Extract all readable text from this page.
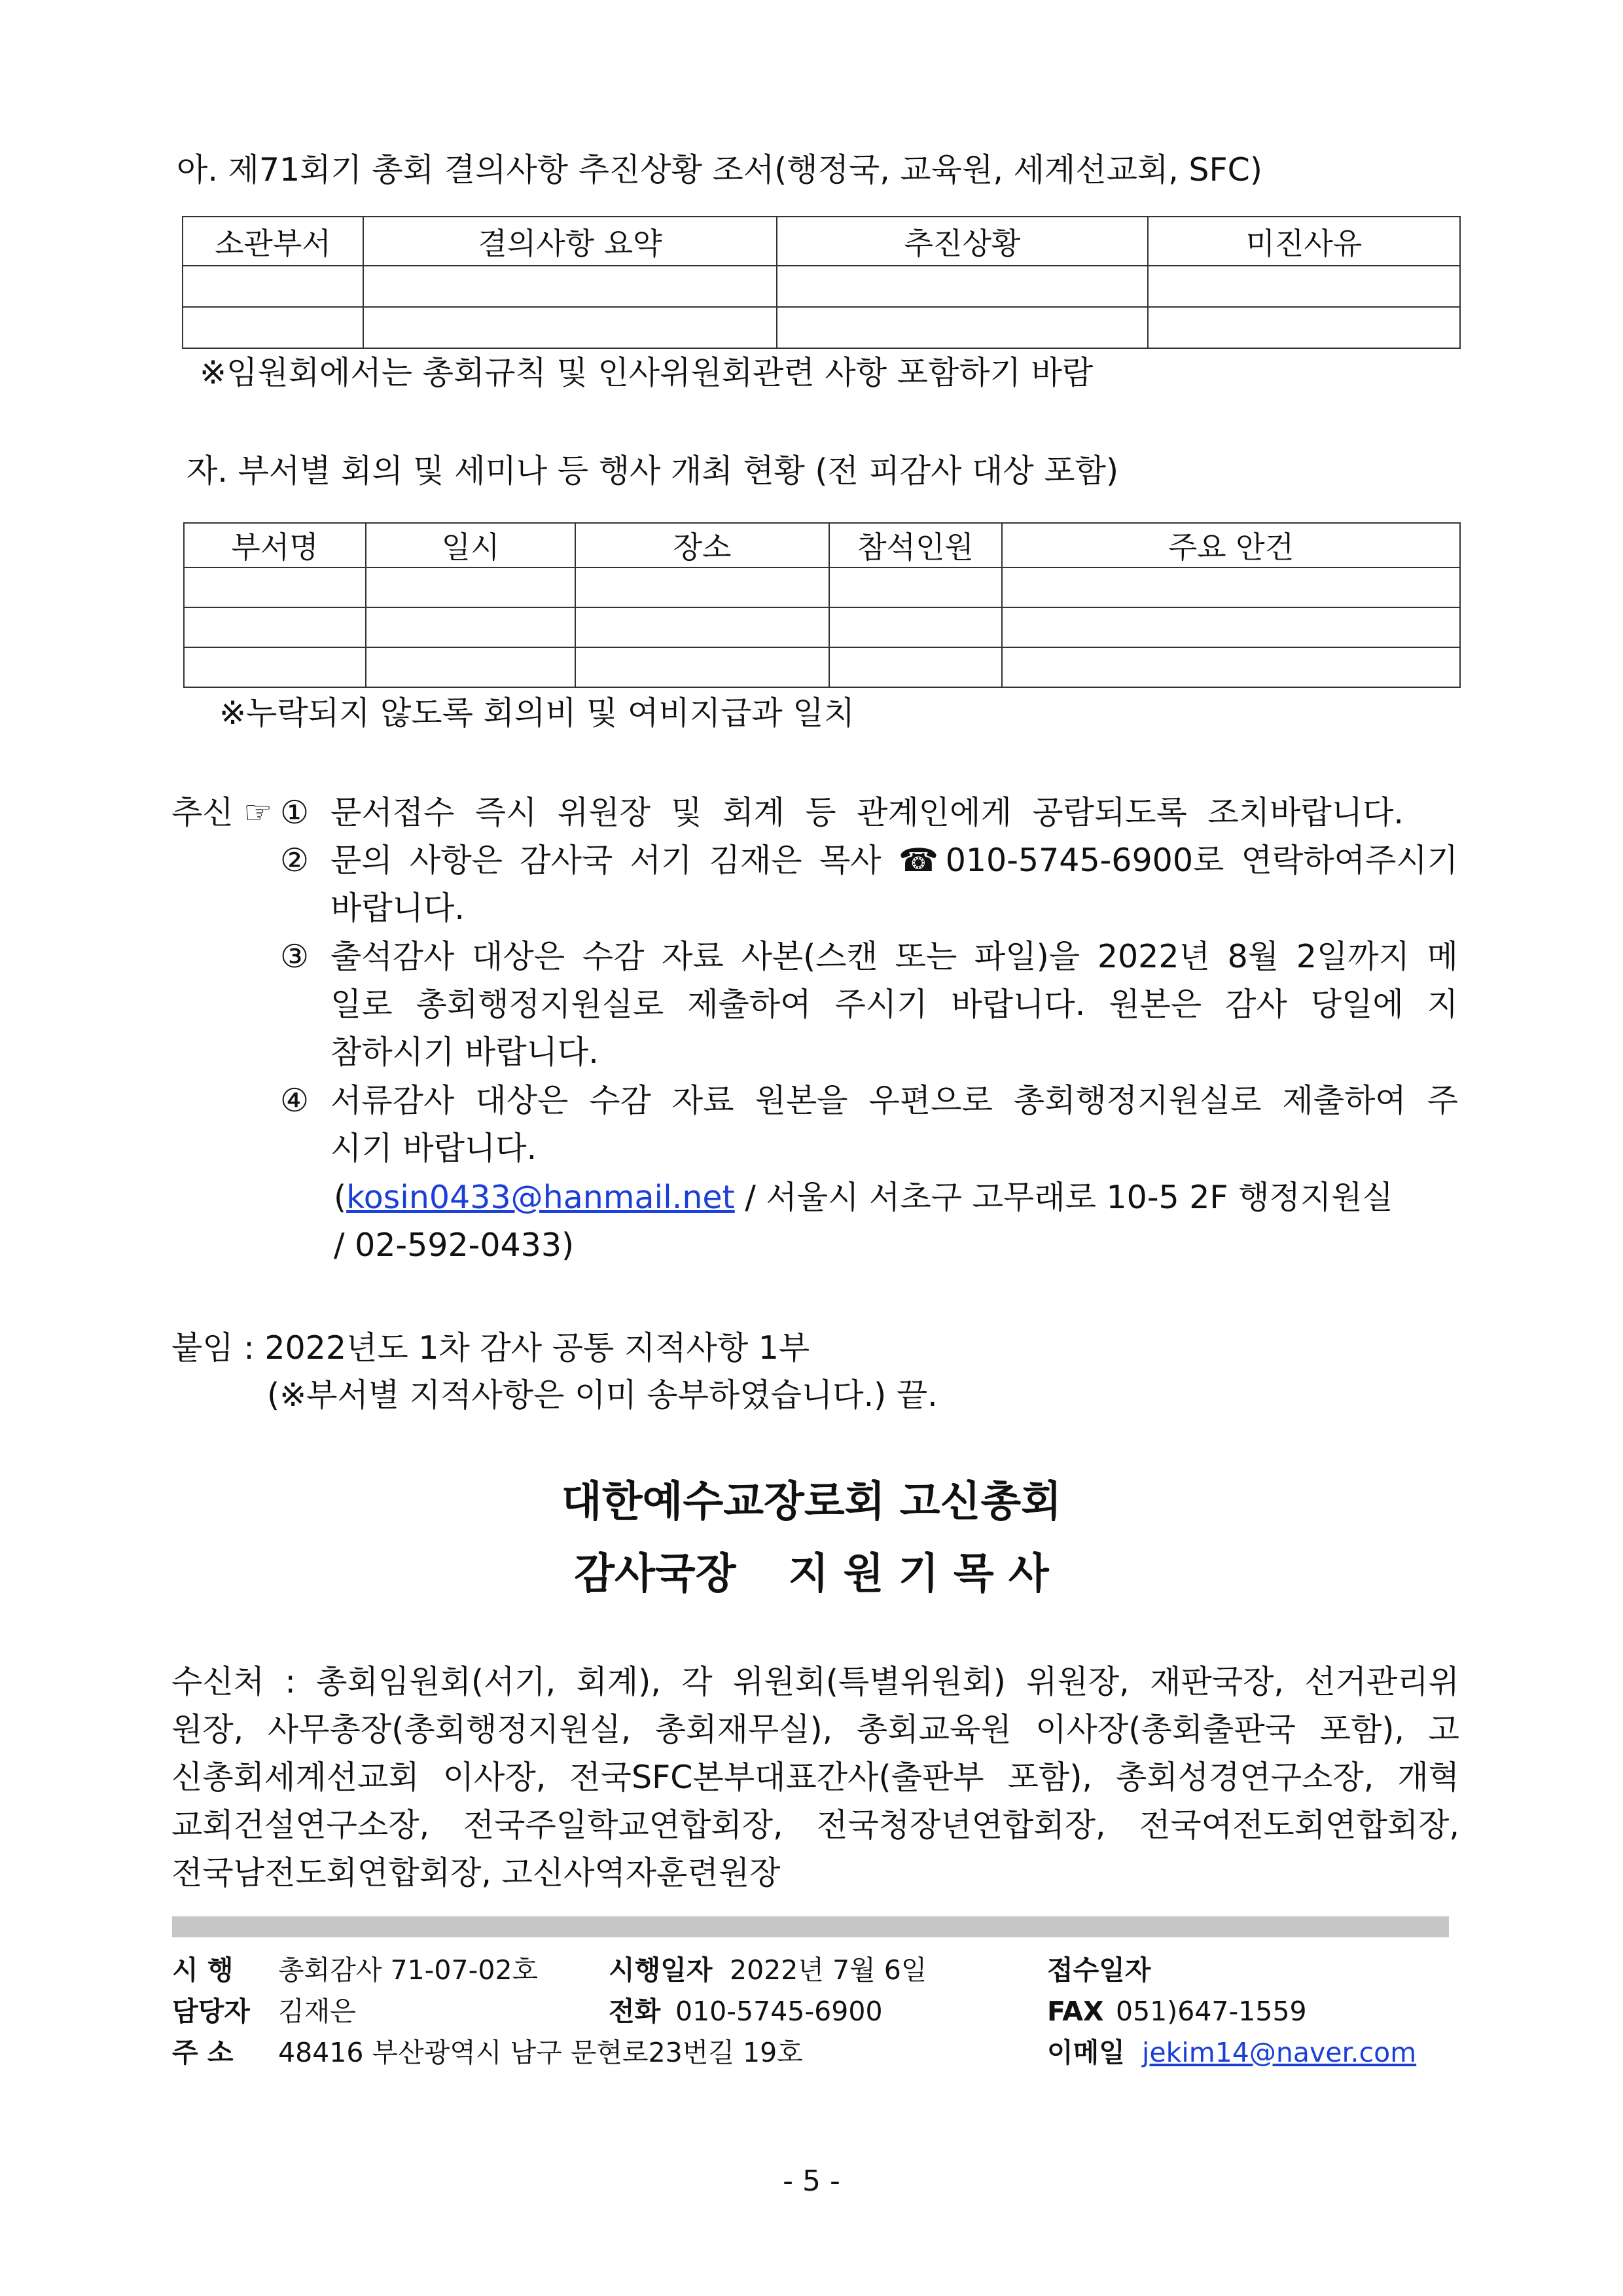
아. 제71회기 총회 결의사항 추진상황 조서(행정국, 교육원, 세계선교회, SFC)
소관부서	결의사항 요약	추진상황	미진사유

※임원회에서는 총회규칙 및 인사위원회관련 사항 포함하기 바람
자. 부서별 회의 및 세미나 등 행사 개최 현황 (전 피감사 대상 포함)
부서명	일시	장소	참석인원	주요 안건

※누락되지 않도록 회의비 및 여비지급과 일치
추신 ☞ ① 문서접수 즉시 위원장 및 회계 등 관계인에게 공람되도록 조치바랍니다.
② 문의 사항은 감사국 서기 김재은 목사 ☎010-5745-6900로 연락하여주시기
바랍니다.
③ 출석감사 대상은 수감 자료 사본(스캔 또는 파일)을 2022년 8월 2일까지 메
일로 총회행정지원실로 제출하여 주시기 바랍니다. 원본은 감사 당일에 지
참하시기 바랍니다.
④ 서류감사 대상은 수감 자료 원본을 우편으로 총회행정지원실로 제출하여 주
시기 바랍니다.
(kosin0433@hanmail.net / 서울시 서초구 고무래로 10-5 2F 행정지원실
/ 02-592-0433)
붙임 : 2022년도 1차 감사 공통 지적사항 1부
(※부서별 지적사항은 이미 송부하였습니다.) 끝.
대한예수교장로회 고신총회
감사국장 지 원 기 목 사
수신처 : 총회임원회(서기, 회계), 각 위원회(특별위원회) 위원장, 재판국장, 선거관리위
원장, 사무총장(총회행정지원실, 총회재무실), 총회교육원 이사장(총회출판국 포함), 고
신총회세계선교회 이사장, 전국SFC본부대표간사(출판부 포함), 총회성경연구소장, 개혁
교회건설연구소장, 전국주일학교연합회장, 전국청장년연합회장, 전국여전도회연합회장,
전국남전도회연합회장, 고신사역자훈련원장
시 행 총회감사 71-07-02호	시행일자 2022년 7월 6일	접수일자
담당자 김재은	전화 010-5745-6900	FAX 051)647-1559
주 소 48416 부산광역시 남구 문현로23번길 19호	이메일 jekim14@naver.com
- 5 -
